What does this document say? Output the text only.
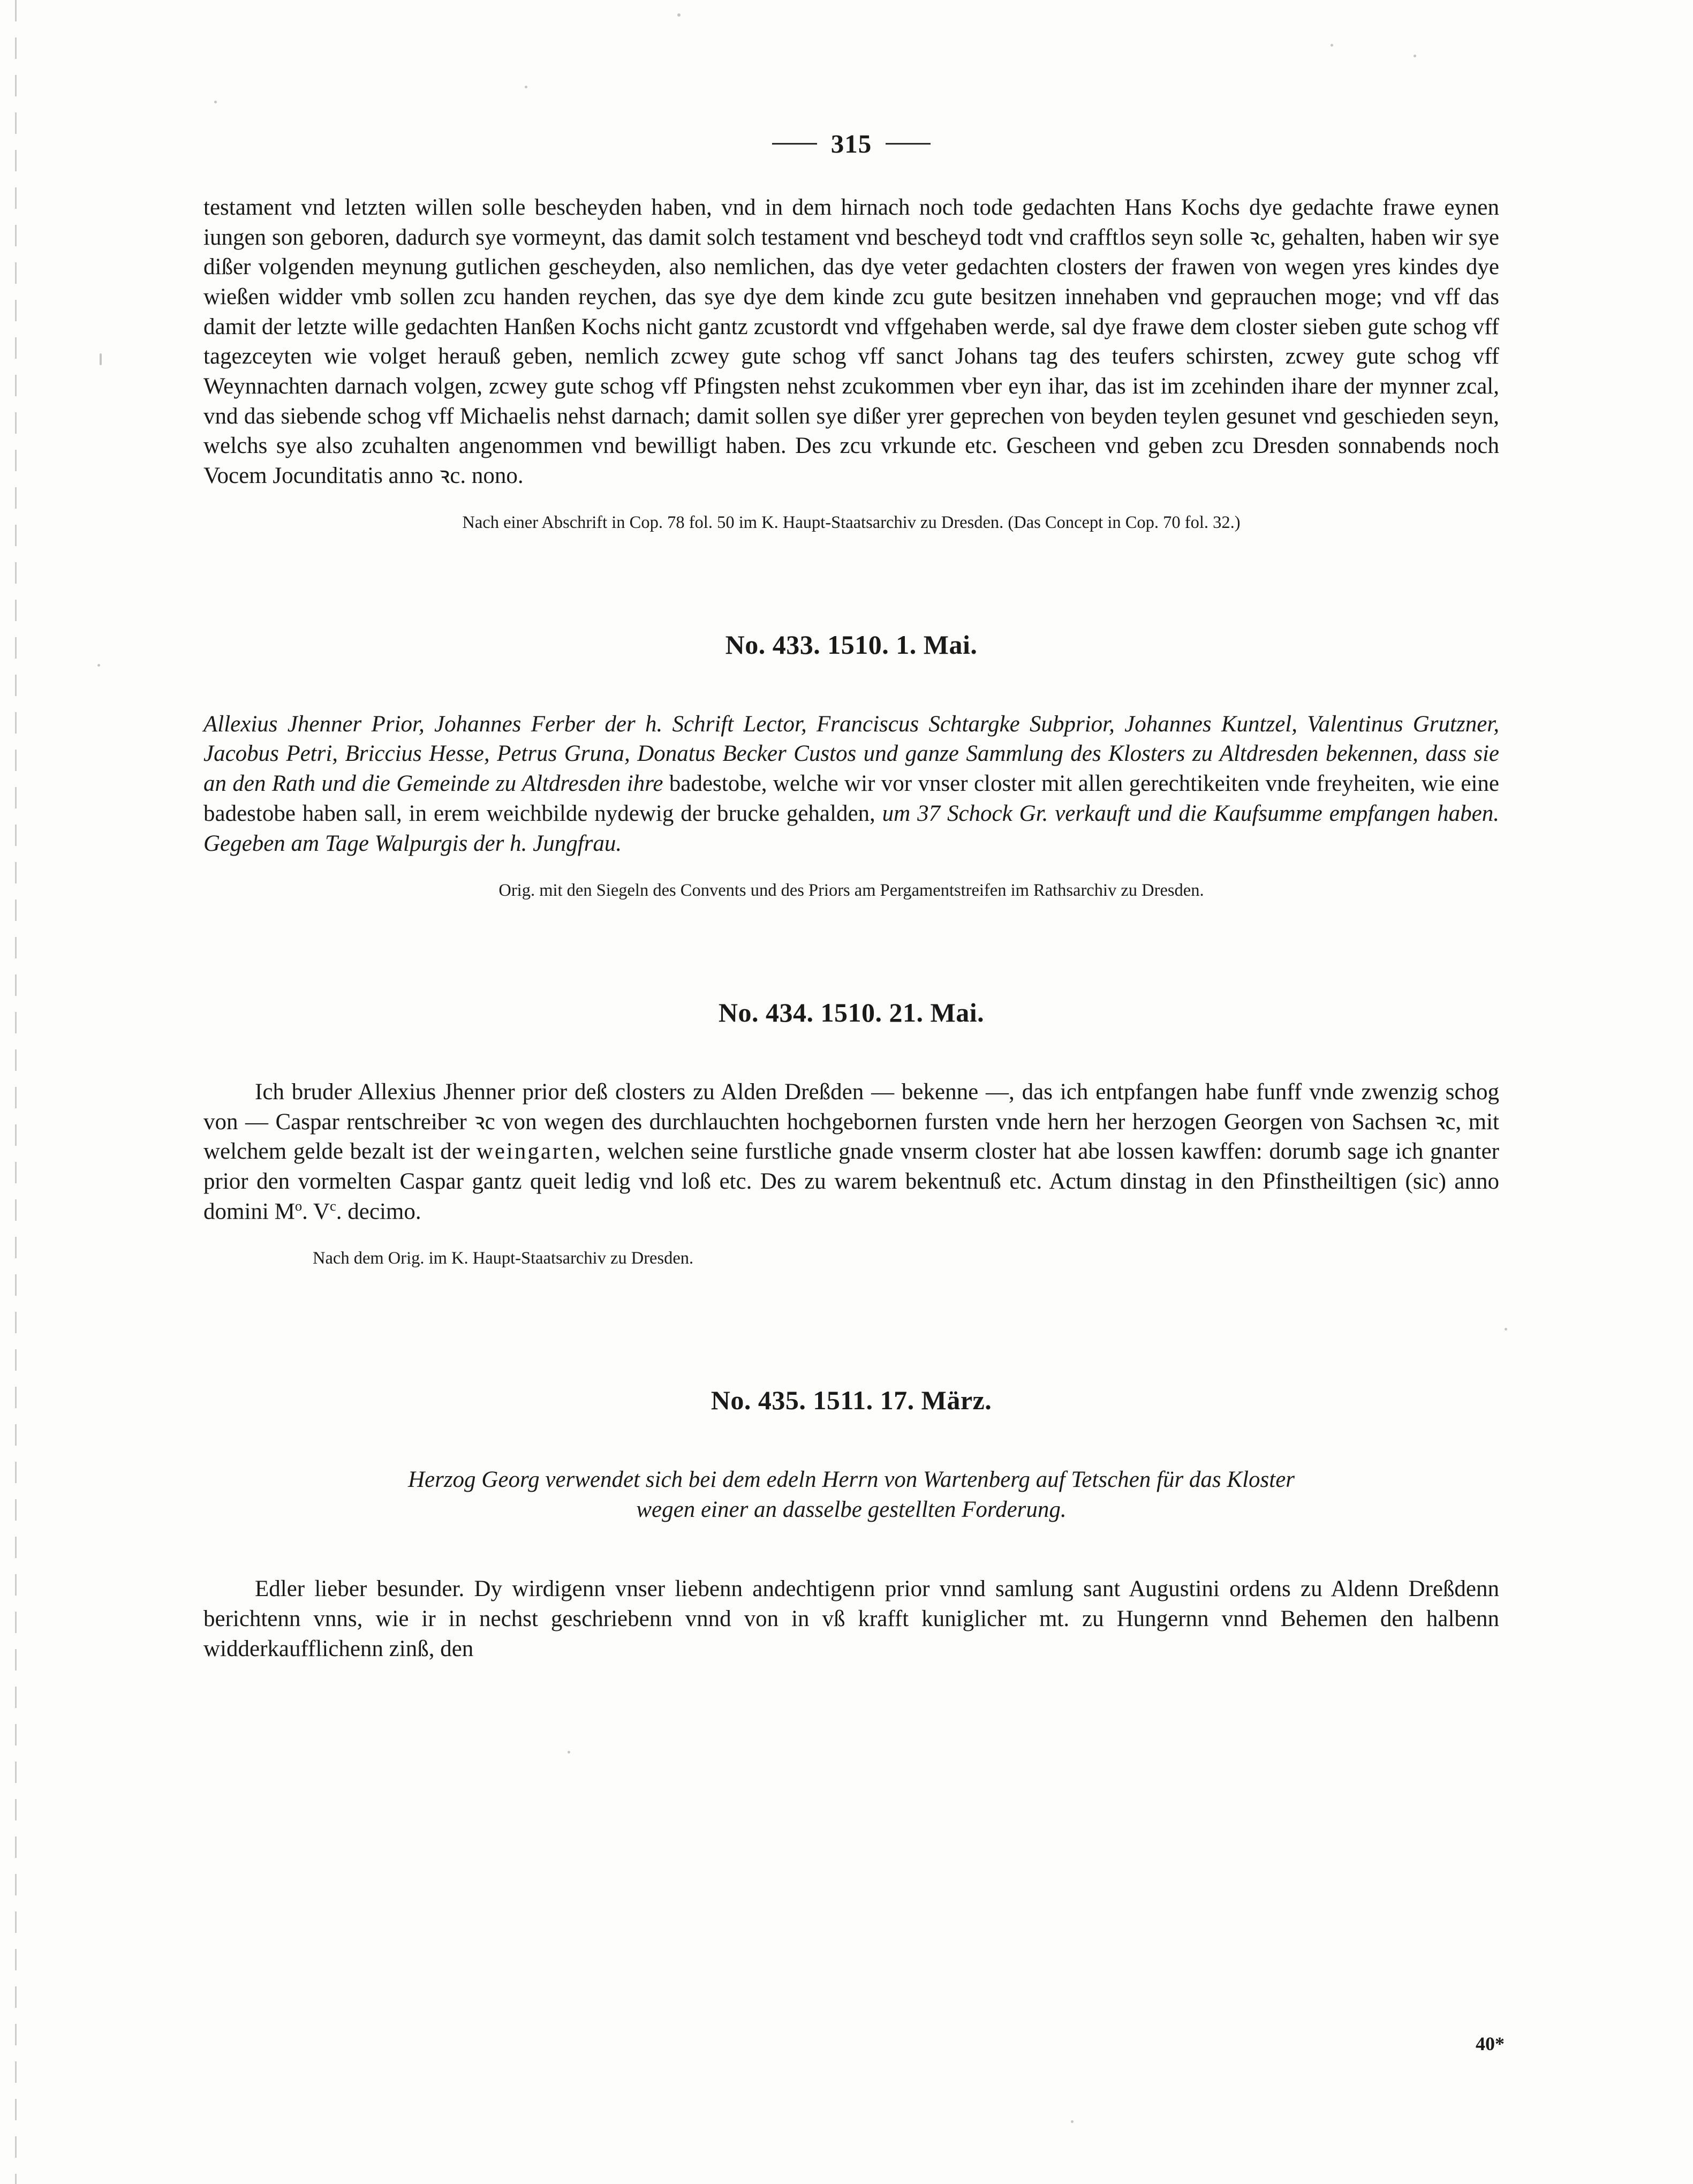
315

testament vnd letzten willen solle bescheyden haben, vnd in dem hirnach noch tode gedachten Hans Kochs dye gedachte frawe eynen iungen son geboren, dadurch sye vormeynt, das damit solch testament vnd bescheyd todt vnd crafftlos seyn solle ꝛc, gehalten, haben wir sye dißer volgenden meynung gutlichen gescheyden, also nemlichen, das dye veter gedachten closters der frawen von wegen yres kindes dye wießen widder vmb sollen zcu handen reychen, das sye dye dem kinde zcu gute besitzen innehaben vnd geprauchen moge; vnd vff das damit der letzte wille gedachten Hanßen Kochs nicht gantz zcustordt vnd vffgehaben werde, sal dye frawe dem closter sieben gute schog vff tagezceyten wie volget herauß geben, nemlich zcwey gute schog vff sanct Johans tag des teufers schirsten, zcwey gute schog vff Weynnachten darnach volgen, zcwey gute schog vff Pfingsten nehst zcukommen vber eyn ihar, das ist im zcehinden ihare der mynner zcal, vnd das siebende schog vff Michaelis nehst darnach; damit sollen sye dißer yrer geprechen von beyden teylen gesunet vnd geschieden seyn, welchs sye also zcuhalten angenommen vnd bewilligt haben. Des zcu vrkunde etc. Gescheen vnd geben zcu Dresden sonnabends noch Vocem Jocunditatis anno ꝛc. nono.

Nach einer Abschrift in Cop. 78 fol. 50 im K. Haupt-Staatsarchiv zu Dresden. (Das Concept in Cop. 70 fol. 32.)

No. 433. 1510. 1. Mai.

Allexius Jhenner Prior, Johannes Ferber der h. Schrift Lector, Franciscus Schtargke Subprior, Johannes Kuntzel, Valentinus Grutzner, Jacobus Petri, Briccius Hesse, Petrus Gruna, Donatus Becker Custos und ganze Sammlung des Klosters zu Altdresden bekennen, dass sie an den Rath und die Gemeinde zu Altdresden ihre badestobe, welche wir vor vnser closter mit allen gerechtikeiten vnde freyheiten, wie eine badestobe haben sall, in erem weichbilde nydewig der brucke gehalden, um 37 Schock Gr. verkauft und die Kaufsumme empfangen haben. Gegeben am Tage Walpurgis der h. Jungfrau.

Orig. mit den Siegeln des Convents und des Priors am Pergamentstreifen im Rathsarchiv zu Dresden.

No. 434. 1510. 21. Mai.

Ich bruder Allexius Jhenner prior deß closters zu Alden Dreßden — bekenne —, das ich entpfangen habe funff vnde zwenzig schog von — Caspar rentschreiber ꝛc von wegen des durchlauchten hochgebornen fursten vnde hern her herzogen Georgen von Sachsen ꝛc, mit welchem gelde bezalt ist der weingarten, welchen seine furstliche gnade vnserm closter hat abe lossen kawffen: dorumb sage ich gnanter prior den vormelten Caspar gantz queit ledig vnd loß etc. Des zu warem bekentnuß etc. Actum dinstag in den Pfinstheiltigen (sic) anno domini $M^o$. $V^c$. decimo.

Nach dem Orig. im K. Haupt-Staatsarchiv zu Dresden.

No. 435. 1511. 17. März.

Herzog Georg verwendet sich bei dem edeln Herrn von Wartenberg auf Tetschen für das Kloster

wegen einer an dasselbe gestellten Forderung.

Edler lieber besunder. Dy wirdigenn vnser liebenn andechtigenn prior vnnd samlung sant Augustini ordens zu Aldenn Dreßdenn berichtenn vnns, wie ir in nechst geschriebenn vnnd von in vß krafft kuniglicher mt. zu Hungernn vnnd Behemen den halbenn widderkaufflichenn zinß, den

40*
